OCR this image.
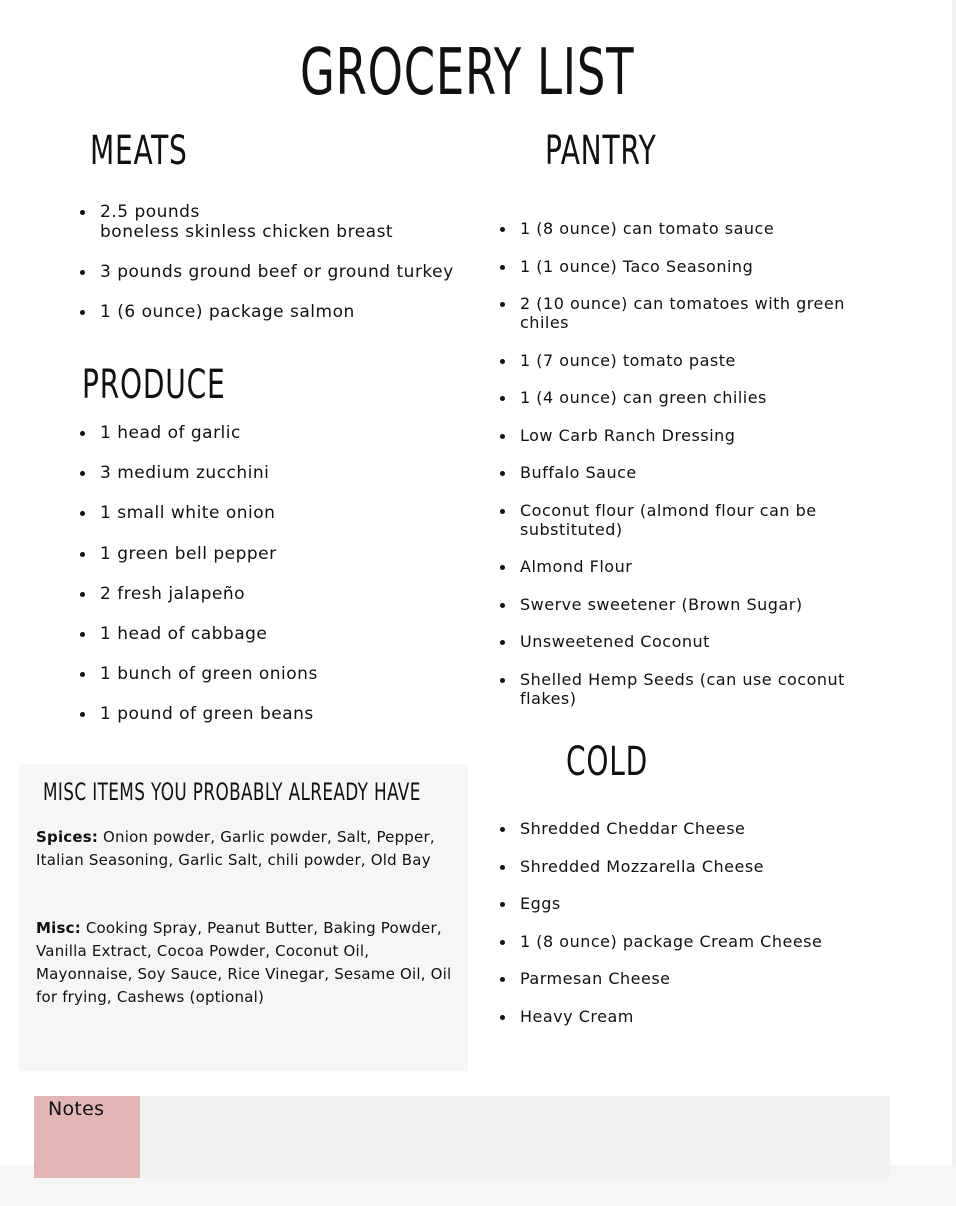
GROCERY LIST
MEATS
2.5 pounds
boneless skinless chicken breast
3 pounds ground beef or ground turkey
1 (6 ounce) package salmon
PRODUCE
1 head of garlic
3 medium zucchini
1 small white onion
1 green bell pepper
2 fresh jalapeño
1 head of cabbage
1 bunch of green onions
1 pound of green beans
PANTRY
1 (8 ounce) can tomato sauce
1 (1 ounce) Taco Seasoning
2 (10 ounce) can tomatoes with green chiles
1 (7 ounce) tomato paste
1 (4 ounce) can green chilies
Low Carb Ranch Dressing
Buffalo Sauce
Coconut flour (almond flour can be substituted)
Almond Flour
Swerve sweetener (Brown Sugar)
Unsweetened Coconut
Shelled Hemp Seeds (can use coconut flakes)
COLD
Shredded Cheddar Cheese
Shredded Mozzarella Cheese
Eggs
1 (8 ounce) package Cream Cheese
Parmesan Cheese
Heavy Cream
MISC ITEMS YOU PROBABLY ALREADY HAVE

Spices: Onion powder, Garlic powder, Salt, Pepper, Italian Seasoning, Garlic Salt, chili powder, Old Bay

Misc: Cooking Spray, Peanut Butter, Baking Powder, Vanilla Extract, Cocoa Powder, Coconut Oil, Mayonnaise, Soy Sauce, Rice Vinegar, Sesame Oil, Oil for frying, Cashews (optional)

Notes
